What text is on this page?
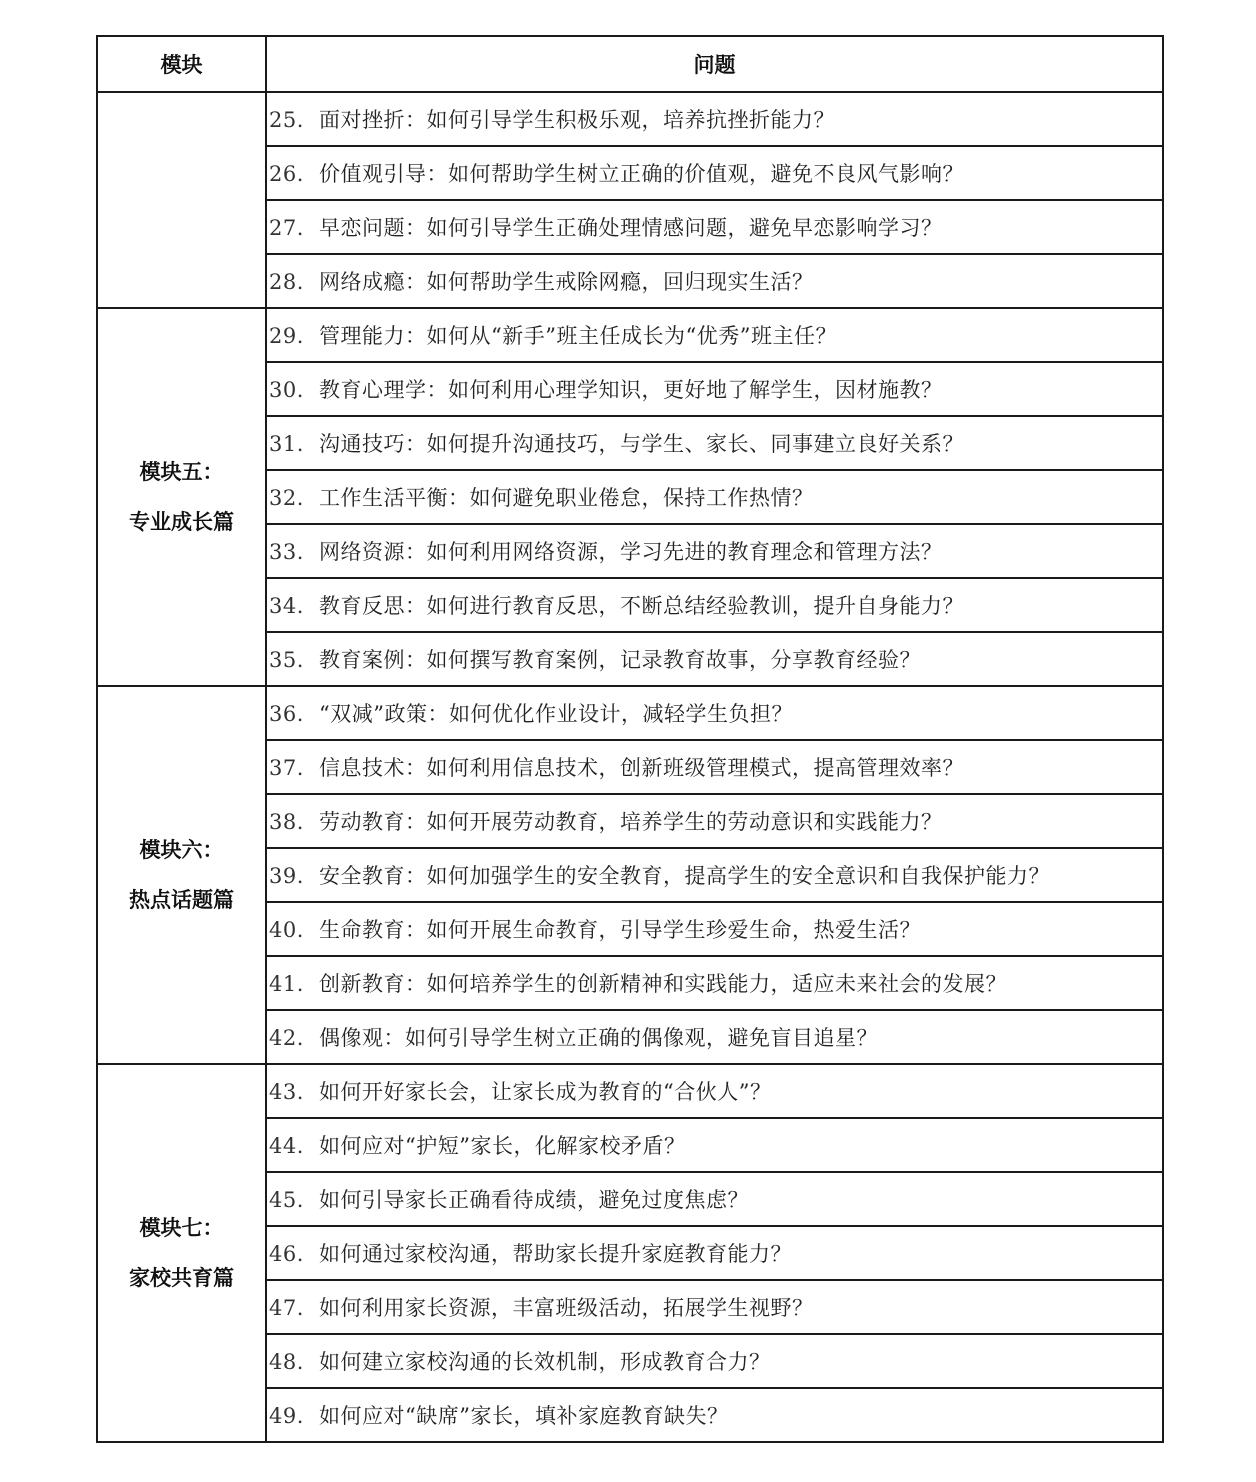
模块	问题

	25. 面对挫折：如何引导学生积极乐观，培养抗挫折能力？
	26. 价值观引导：如何帮助学生树立正确的价值观，避免不良风气影响？
	27. 早恋问题：如何引导学生正确处理情感问题，避免早恋影响学习？
	28. 网络成瘾：如何帮助学生戒除网瘾，回归现实生活？

模块五：
专业成长篇	29. 管理能力：如何从“新手”班主任成长为“优秀”班主任？
	30. 教育心理学：如何利用心理学知识，更好地了解学生，因材施教？
	31. 沟通技巧：如何提升沟通技巧，与学生、家长、同事建立良好关系？
	32. 工作生活平衡：如何避免职业倦怠，保持工作热情？
	33. 网络资源：如何利用网络资源，学习先进的教育理念和管理方法？
	34. 教育反思：如何进行教育反思，不断总结经验教训，提升自身能力？
	35. 教育案例：如何撰写教育案例，记录教育故事，分享教育经验？

模块六：
热点话题篇	36. “双减”政策：如何优化作业设计，减轻学生负担？
	37. 信息技术：如何利用信息技术，创新班级管理模式，提高管理效率？
	38. 劳动教育：如何开展劳动教育，培养学生的劳动意识和实践能力？
	39. 安全教育：如何加强学生的安全教育，提高学生的安全意识和自我保护能力？
	40. 生命教育：如何开展生命教育，引导学生珍爱生命，热爱生活？
	41. 创新教育：如何培养学生的创新精神和实践能力，适应未来社会的发展？
	42. 偶像观：如何引导学生树立正确的偶像观，避免盲目追星？

模块七：
家校共育篇	43. 如何开好家长会，让家长成为教育的“合伙人”？
	44. 如何应对“护短”家长，化解家校矛盾？
	45. 如何引导家长正确看待成绩，避免过度焦虑？
	46. 如何通过家校沟通，帮助家长提升家庭教育能力？
	47. 如何利用家长资源，丰富班级活动，拓展学生视野？
	48. 如何建立家校沟通的长效机制，形成教育合力？
	49. 如何应对“缺席”家长，填补家庭教育缺失？
